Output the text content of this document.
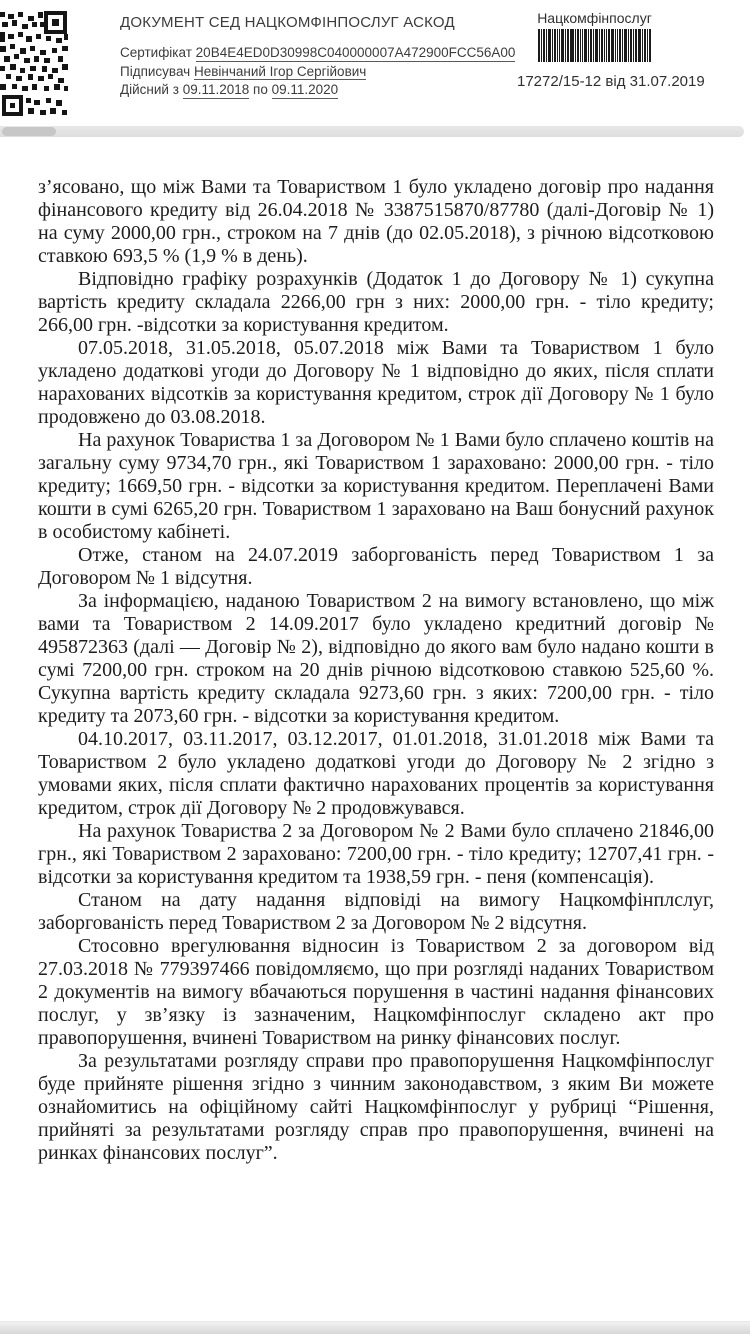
ДОКУМЕНТ СЕД НАЦКОМФІНПОСЛУГ АСКОД

Сертифікат 20B4E4ED0D30998C040000007A472900FCC56A00
Підписувач Невінчаний Ігор Сергійович
Дійсний з 09.11.2018 по 09.11.2020

Нацкомфінпослуг

17272/15-12 від 31.07.2019

з’ясовано, що між Вами та Товариством 1 було укладено договір про надання фінансового кредиту від 26.04.2018 № 3387515870/87780 (далі-Договір № 1) на суму 2000,00 грн., строком на 7 днів (до 02.05.2018), з річною відсотковою ставкою 693,5 % (1,9 % в день).

Відповідно графіку розрахунків (Додаток 1 до Договору № 1) сукупна вартість кредиту складала 2266,00 грн з них: 2000,00 грн. - тіло кредиту; 266,00 грн. -відсотки за користування кредитом.

07.05.2018, 31.05.2018, 05.07.2018 між Вами та Товариством 1 було укладено додаткові угоди до Договору № 1 відповідно до яких, після сплати нарахованих відсотків за користування кредитом, строк дії Договору № 1 було продовжено до 03.08.2018.

На рахунок Товариства 1 за Договором № 1 Вами було сплачено коштів на загальну суму 9734,70 грн., які Товариством 1 зараховано: 2000,00 грн. - тіло кредиту; 1669,50 грн. - відсотки за користування кредитом. Переплачені Вами кошти в сумі 6265,20 грн. Товариством 1 зараховано на Ваш бонусний рахунок в особистому кабінеті.

Отже, станом на 24.07.2019 заборгованість перед Товариством 1 за Договором № 1 відсутня.

За інформацією, наданою Товариством 2 на вимогу встановлено, що між вами та Товариством 2 14.09.2017 було укладено кредитний договір № 495872363 (далі — Договір № 2), відповідно до якого вам було надано кошти в сумі 7200,00 грн. строком на 20 днів річною відсотковою ставкою 525,60 %. Сукупна вартість кредиту складала 9273,60 грн. з яких: 7200,00 грн. - тіло кредиту та 2073,60 грн. - відсотки за користування кредитом.

04.10.2017, 03.11.2017, 03.12.2017, 01.01.2018, 31.01.2018 між Вами та Товариством 2 було укладено додаткові угоди до Договору № 2 згідно з умовами яких, після сплати фактично нарахованих процентів за користування кредитом, строк дії Договору № 2 продовжувався.

На рахунок Товариства 2 за Договором № 2 Вами було сплачено 21846,00 грн., які Товариством 2 зараховано: 7200,00 грн. - тіло кредиту; 12707,41 грн. - відсотки за користування кредитом та 1938,59 грн. - пеня (компенсація).

Станом на дату надання відповіді на вимогу Нацкомфінплслуг, заборгованість перед Товариством 2 за Договором № 2 відсутня.

Стосовно врегулювання відносин із Товариством 2 за договором від 27.03.2018 № 779397466 повідомляємо, що при розгляді наданих Товариством 2 документів на вимогу вбачаються порушення в частині надання фінансових послуг, у зв’язку із зазначеним, Нацкомфінпослуг складено акт про правопорушення, вчинені Товариством на ринку фінансових послуг.

За результатами розгляду справи про правопорушення Нацкомфінпослуг буде прийняте рішення згідно з чинним законодавством, з яким Ви можете ознайомитись на офіційному сайті Нацкомфінпослуг у рубриці “Рішення, прийняті за результатами розгляду справ про правопорушення, вчинені на ринках фінансових послуг”.
